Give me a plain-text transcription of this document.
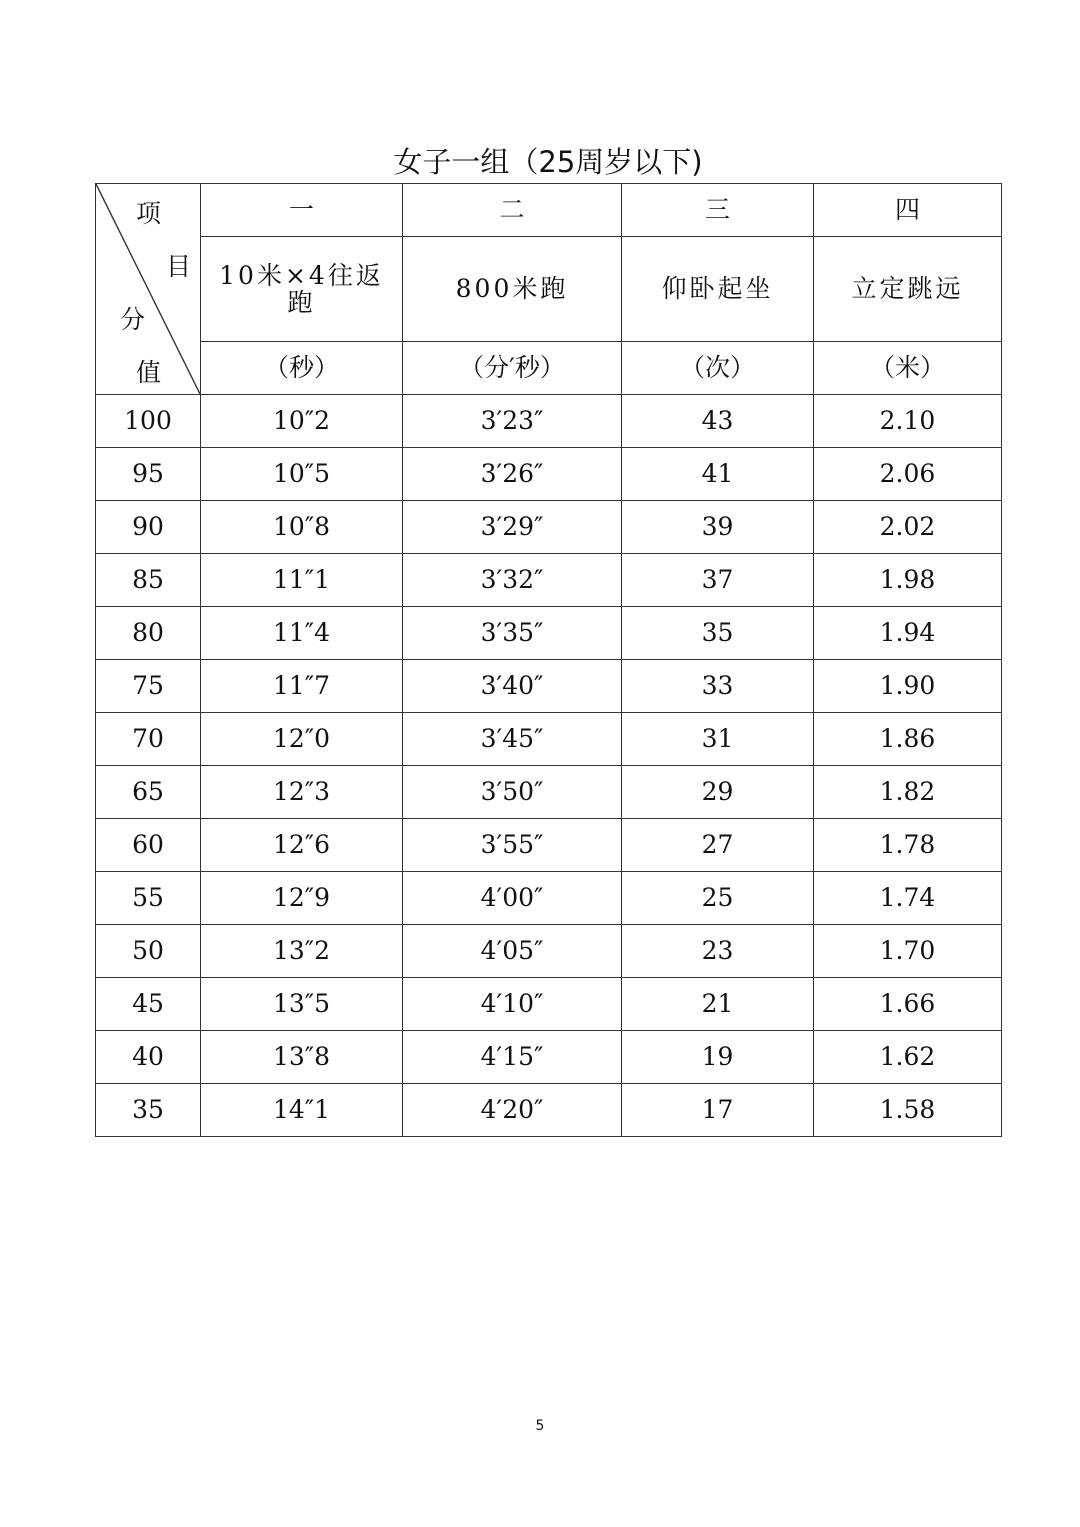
女子一组（25周岁以下)
项
目
分
值	一	二	三	四
	10米×4往返跑	800米跑	仰卧起坐	立定跳远
	（秒）	（分′秒）	（次）	（米）
100	10″2	3′23″	43	2.10
95	10″5	3′26″	41	2.06
90	10″8	3′29″	39	2.02
85	11″1	3′32″	37	1.98
80	11″4	3′35″	35	1.94
75	11″7	3′40″	33	1.90
70	12″0	3′45″	31	1.86
65	12″3	3′50″	29	1.82
60	12″6	3′55″	27	1.78
55	12″9	4′00″	25	1.74
50	13″2	4′05″	23	1.70
45	13″5	4′10″	21	1.66
40	13″8	4′15″	19	1.62
35	14″1	4′20″	17	1.58
5
